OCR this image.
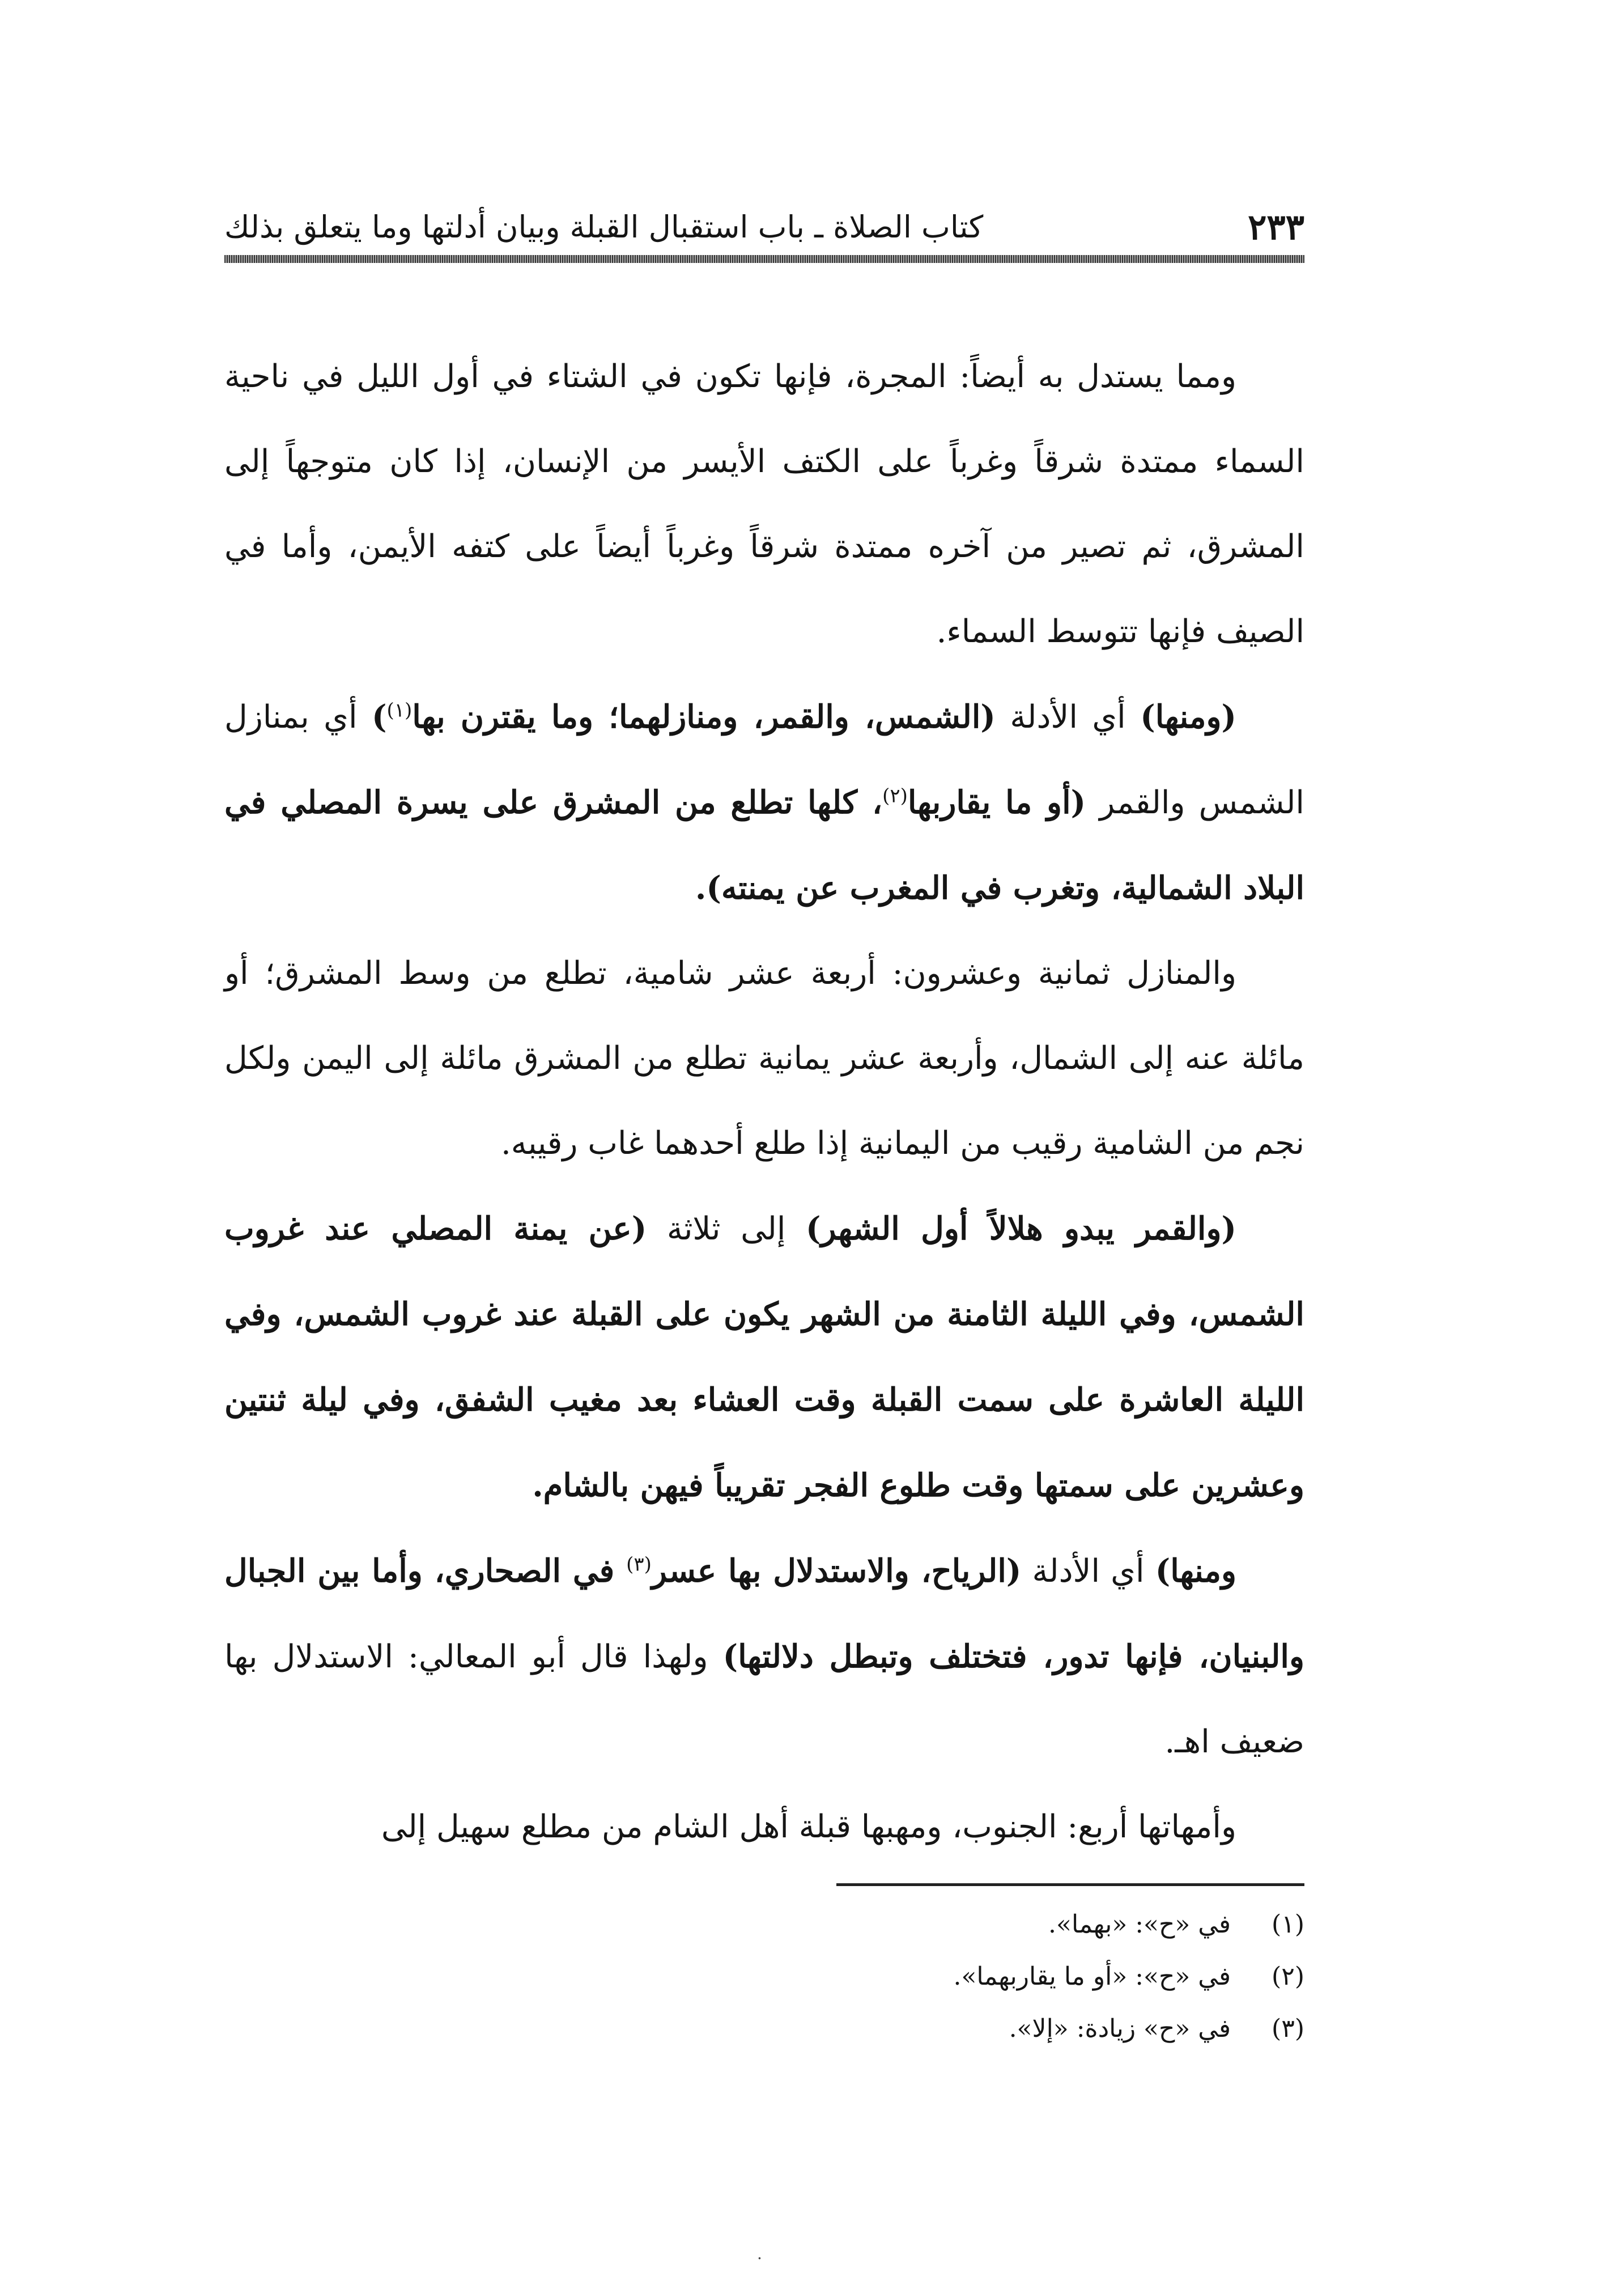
٢٣٣
كتاب الصلاة ـ باب استقبال القبلة وبيان أدلتها وما يتعلق بذلك

ومما يستدل به أيضاً: المجرة، فإنها تكون في الشتاء في أول الليل في ناحية السماء ممتدة شرقاً وغرباً على الكتف الأيسر من الإنسان، إذا كان متوجهاً إلى المشرق، ثم تصير من آخره ممتدة شرقاً وغرباً أيضاً على كتفه الأيمن، وأما في الصيف فإنها تتوسط السماء.

(ومنها) أي الأدلة (الشمس، والقمر، ومنازلهما؛ وما يقترن بها$^{(١)}$) أي بمنازل الشمس والقمر (أو ما يقاربها$^{(٢)}$، كلها تطلع من المشرق على يسرة المصلي في البلاد الشمالية، وتغرب في المغرب عن يمنته).

والمنازل ثمانية وعشرون: أربعة عشر شامية، تطلع من وسط المشرق؛ أو مائلة عنه إلى الشمال، وأربعة عشر يمانية تطلع من المشرق مائلة إلى اليمن ولكل نجم من الشامية رقيب من اليمانية إذا طلع أحدهما غاب رقيبه.

(والقمر يبدو هلالاً أول الشهر) إلى ثلاثة (عن يمنة المصلي عند غروب الشمس، وفي الليلة الثامنة من الشهر يكون على القبلة عند غروب الشمس، وفي الليلة العاشرة على سمت القبلة وقت العشاء بعد مغيب الشفق، وفي ليلة ثنتين وعشرين على سمتها وقت طلوع الفجر تقريباً فيهن بالشام.

ومنها) أي الأدلة (الرياح، والاستدلال بها عسر$^{(٣)}$ في الصحاري، وأما بين الجبال والبنيان، فإنها تدور، فتختلف وتبطل دلالتها) ولهذا قال أبو المعالي: الاستدلال بها ضعيف اهـ.

وأمهاتها أربع: الجنوب، ومهبها قبلة أهل الشام من مطلع سهيل إلى

(١)
في «ح»: «بهما».
(٢)
في «ح»: «أو ما يقاربهما».
(٣)
في «ح» زيادة: «إلا».
.
